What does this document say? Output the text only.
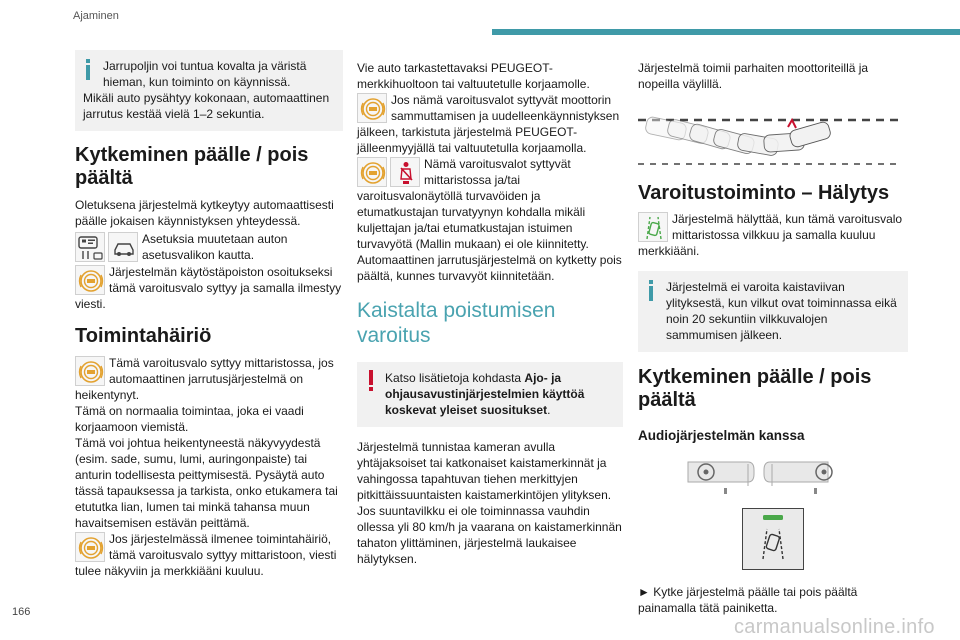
Ajaminen
Jarrupoljin voi tuntua kovalta ja väristä
hieman, kun toiminto on käynnissä.
Mikäli auto pysähtyy kokonaan, automaattinen jarrutus kestää vielä 1–2 sekuntia.
Kytkeminen päälle / pois
päältä
Oletuksena järjestelmä kytkeytyy automaattisesti päälle jokaisen käynnistyksen yhteydessä.
Asetuksia muutetaan auton asetusvalikon kautta.
Järjestelmän käytöstäpoiston osoitukseksi tämä varoitusvalo syttyy ja samalla ilmestyy viesti.
Toimintahäiriö
Tämä varoitusvalo syttyy mittaristossa, jos automaattinen jarrutusjärjestelmä on heikentynyt.
Tämä on normaalia toimintaa, joka ei vaadi korjaamoon viemistä.
Tämä voi johtua heikentyneestä näkyvyydestä (esim. sade, sumu, lumi, auringonpaiste) tai anturin todellisesta peittymisestä. Pysäytä auto tässä tapauksessa ja tarkista, onko etukamera tai etututka lian, lumen tai minkä tahansa muun havaitsemisen estävän peittämä.
Jos järjestelmässä ilmenee toimintahäiriö, tämä varoitusvalo syttyy mittaristoon, viesti tulee näkyviin ja merkkiääni kuuluu.
Vie auto tarkastettavaksi PEUGEOT-merkkihuoltoon tai valtuutetulle korjaamolle.
Jos nämä varoitusvalot syttyvät moottorin sammuttamisen ja uudelleenkäynnistyksen jälkeen, tarkistuta järjestelmä PEUGEOT-jälleenmyyjällä tai valtuutetulla korjaamolla.
Nämä varoitusvalot syttyvät mittaristossa ja/tai varoitusvalonäytöllä turvavöiden ja etumatkustajan turvatyynyn kohdalla mikäli kuljettajan ja/tai etumatkustajan istuimen turvavyötä (Mallin mukaan) ei ole kiinnitetty. Automaattinen jarrutusjärjestelmä on kytketty pois päältä, kunnes turvavyöt kiinnitetään.
Kaistalta poistumisen
varoitus
Katso lisätietoja kohdasta Ajo- ja ohjausavustinjärjestelmien käyttöä koskevat yleiset suositukset.
Järjestelmä tunnistaa kameran avulla yhtäjaksoiset tai katkonaiset kaistamerkinnät ja vahingossa tapahtuvan tiehen merkittyjen pitkittäissuuntaisten kaistamerkintöjen ylityksen. Jos suuntavilkku ei ole toiminnassa vauhdin ollessa yli 80 km/h ja vaarana on kaistamerkinnän tahaton ylittäminen, järjestelmä laukaisee hälytyksen.
Järjestelmä toimii parhaiten moottoriteillä ja nopeilla väylillä.
Varoitustoiminto – Hälytys
Järjestelmä hälyttää, kun tämä varoitusvalo mittaristossa vilkkuu ja samalla kuuluu merkkiääni.
Järjestelmä ei varoita kaistaviivan ylityksestä, kun vilkut ovat toiminnassa eikä noin 20 sekuntiin vilkkuvalojen sammumisen jälkeen.
Kytkeminen päälle / pois
päältä
Audiojärjestelmän kanssa
► Kytke järjestelmä päälle tai pois päältä painamalla tätä painiketta.
166
carmanualsonline.info
